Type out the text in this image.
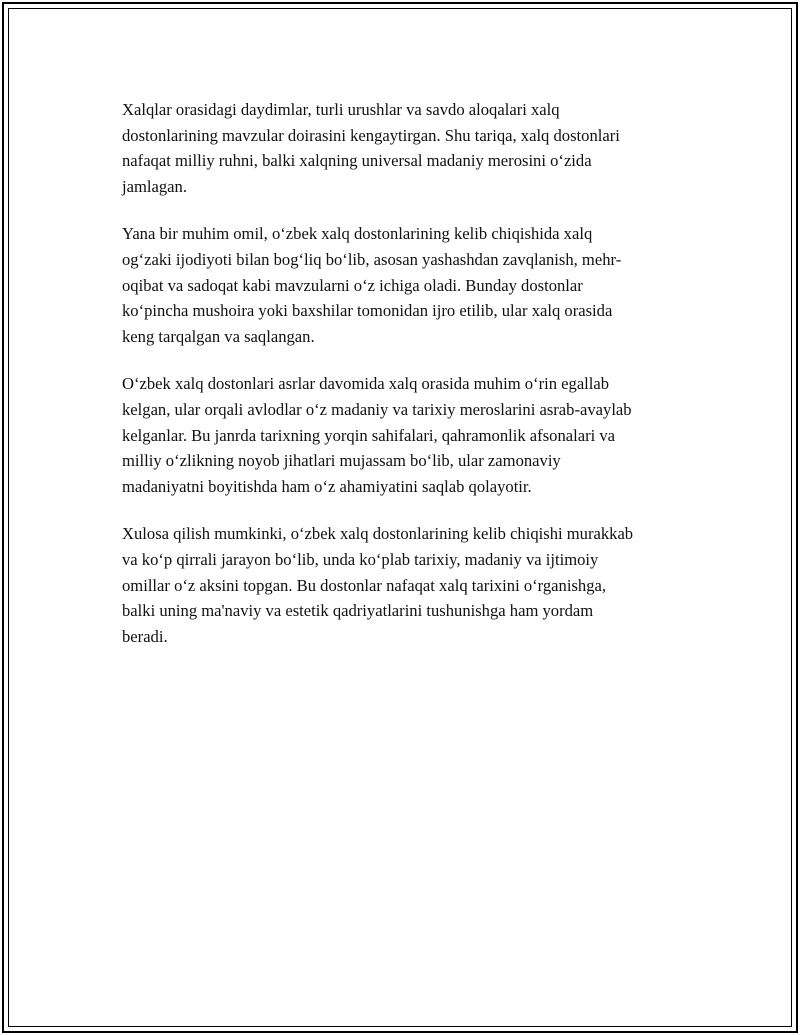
Xalqlar orasidagi daydimlar, turli urushlar va savdo aloqalari xalq
dostonlarining mavzular doirasini kengaytirgan. Shu tariqa, xalq dostonlari
nafaqat milliy ruhni, balki xalqning universal madaniy merosini o‘zida
jamlagan.

Yana bir muhim omil, o‘zbek xalq dostonlarining kelib chiqishida xalq
og‘zaki ijodiyoti bilan bog‘liq bo‘lib, asosan yashashdan zavqlanish, mehr-
oqibat va sadoqat kabi mavzularni o‘z ichiga oladi. Bunday dostonlar
ko‘pincha mushoira yoki baxshilar tomonidan ijro etilib, ular xalq orasida
keng tarqalgan va saqlangan.

O‘zbek xalq dostonlari asrlar davomida xalq orasida muhim o‘rin egallab
kelgan, ular orqali avlodlar o‘z madaniy va tarixiy meroslarini asrab-avaylab
kelganlar. Bu janrda tarixning yorqin sahifalari, qahramonlik afsonalari va
milliy o‘zlikning noyob jihatlari mujassam bo‘lib, ular zamonaviy
madaniyatni boyitishda ham o‘z ahamiyatini saqlab qolayotir.

Xulosa qilish mumkinki, o‘zbek xalq dostonlarining kelib chiqishi murakkab
va ko‘p qirrali jarayon bo‘lib, unda ko‘plab tarixiy, madaniy va ijtimoiy
omillar o‘z aksini topgan. Bu dostonlar nafaqat xalq tarixini o‘rganishga,
balki uning ma'naviy va estetik qadriyatlarini tushunishga ham yordam
beradi.
